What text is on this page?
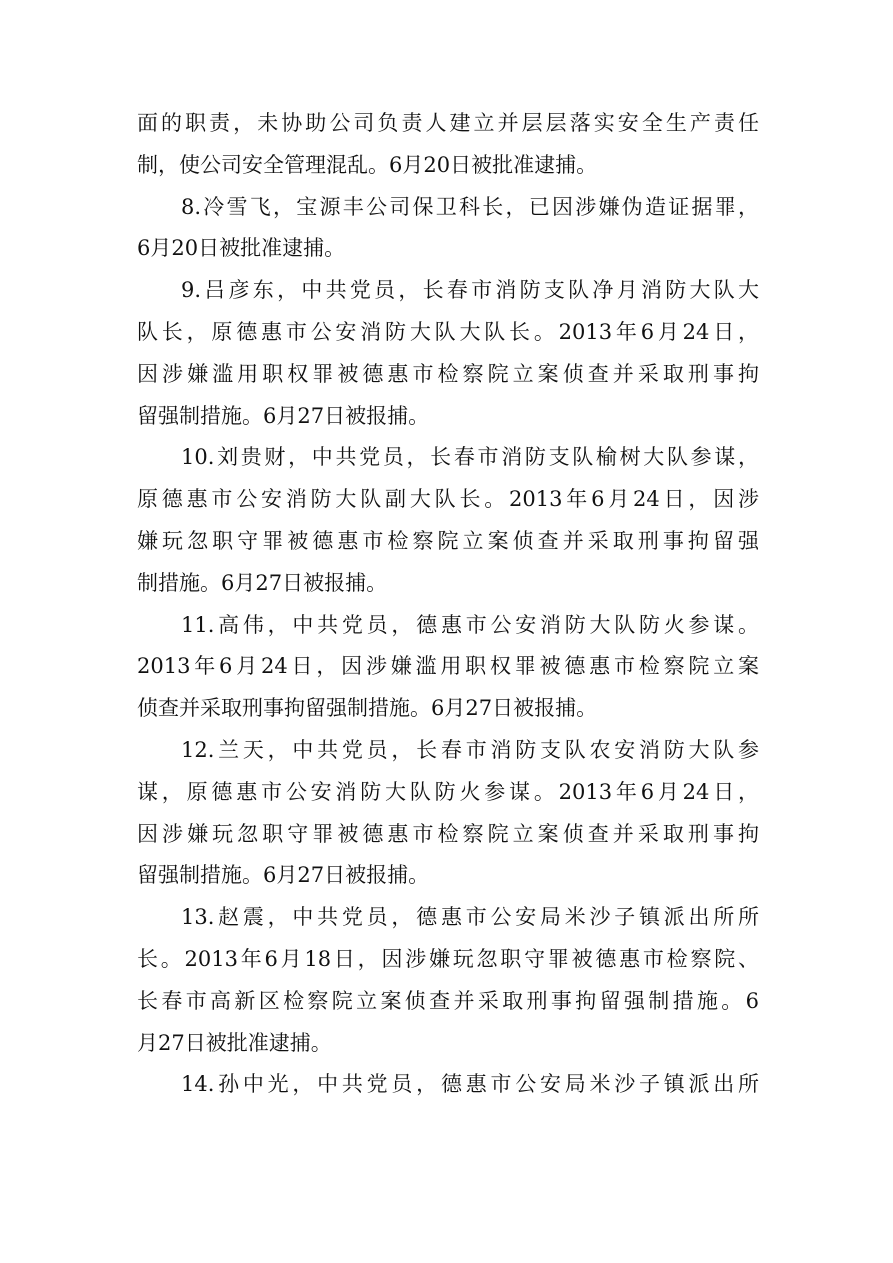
面的职责，未协助公司负责人建立并层层落实安全生产责任
制，使公司安全管理混乱。6月20日被批准逮捕。
8.冷雪飞，宝源丰公司保卫科长，已因涉嫌伪造证据罪，
6月20日被批准逮捕。
9.吕彦东，中共党员，长春市消防支队净月消防大队大
队长，原德惠市公安消防大队大队长。2013年6月24日，
因涉嫌滥用职权罪被德惠市检察院立案侦查并采取刑事拘
留强制措施。6月27日被报捕。
10.刘贵财，中共党员，长春市消防支队榆树大队参谋，
原德惠市公安消防大队副大队长。2013年6月24日，因涉
嫌玩忽职守罪被德惠市检察院立案侦查并采取刑事拘留强
制措施。6月27日被报捕。
11.高伟，中共党员，德惠市公安消防大队防火参谋。
2013年6月24日，因涉嫌滥用职权罪被德惠市检察院立案
侦查并采取刑事拘留强制措施。6月27日被报捕。
12.兰天，中共党员，长春市消防支队农安消防大队参
谋，原德惠市公安消防大队防火参谋。2013年6月24日，
因涉嫌玩忽职守罪被德惠市检察院立案侦查并采取刑事拘
留强制措施。6月27日被报捕。
13.赵震，中共党员，德惠市公安局米沙子镇派出所所
长。2013年6月18日，因涉嫌玩忽职守罪被德惠市检察院、
长春市高新区检察院立案侦查并采取刑事拘留强制措施。6
月27日被批准逮捕。
14.孙中光，中共党员，德惠市公安局米沙子镇派出所
